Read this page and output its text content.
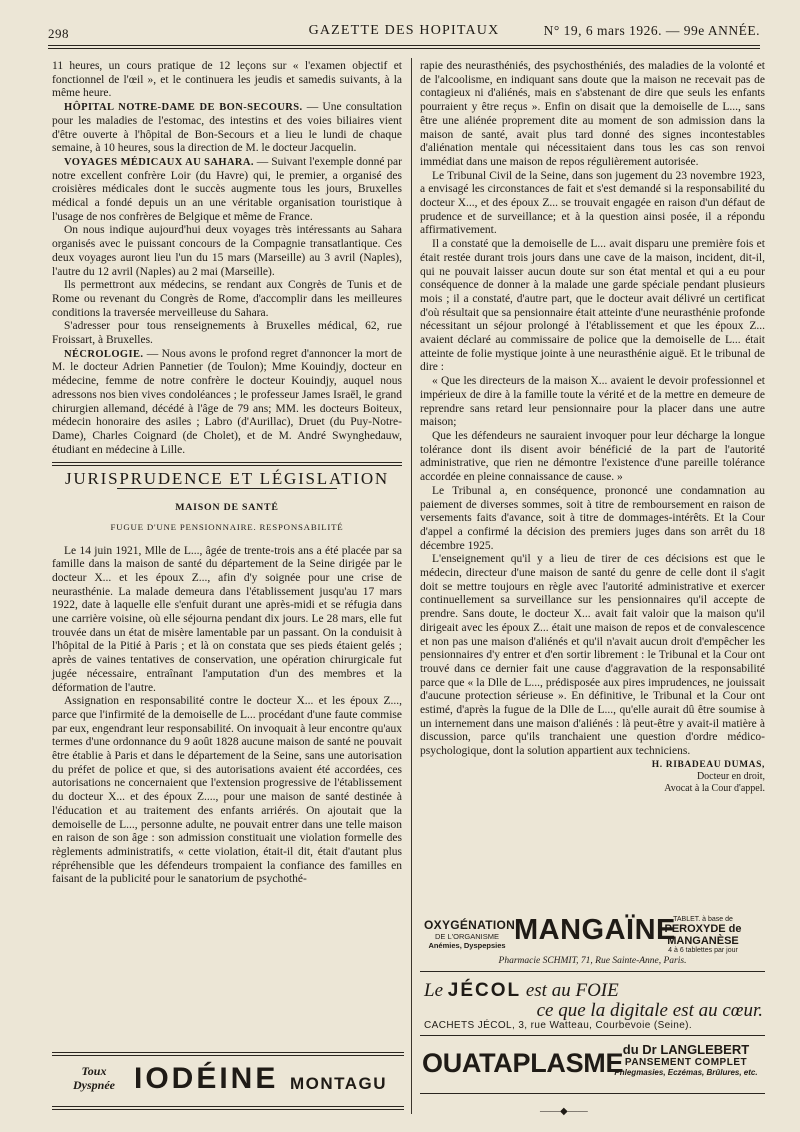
298	GAZETTE DES HOPITAUX	N° 19, 6 mars 1926. — 99e ANNÉE.

11 heures, un cours pratique de 12 leçons sur « l'examen objectif et fonctionnel de l'œil », et le continuera les jeudis et samedis suivants, à la même heure.

HÔPITAL NOTRE-DAME DE BON-SECOURS. — Une consultation pour les maladies de l'estomac, des intestins et des voies biliaires vient d'être ouverte à l'hôpital de Bon-Secours et a lieu le lundi de chaque semaine, à 10 heures, sous la direction de M. le docteur Jacquelin.

VOYAGES MÉDICAUX AU SAHARA. — Suivant l'exemple donné par notre excellent confrère Loir (du Havre) qui, le premier, a organisé des croisières médicales dont le succès augmente tous les jours, Bruxelles médical a fondé depuis un an une véritable organisation touristique à l'usage de nos confrères de Belgique et même de France.

On nous indique aujourd'hui deux voyages très intéressants au Sahara organisés avec le puissant concours de la Compagnie transatlantique. Ces deux voyages auront lieu l'un du 15 mars (Marseille) au 3 avril (Naples), l'autre du 12 avril (Naples) au 2 mai (Marseille).

Ils permettront aux médecins, se rendant aux Congrès de Tunis et de Rome ou revenant du Congrès de Rome, d'accomplir dans les meilleures conditions la traversée merveilleuse du Sahara.

S'adresser pour tous renseignements à Bruxelles médical, 62, rue Froissart, à Bruxelles.

NÉCROLOGIE. — Nous avons le profond regret d'annoncer la mort de M. le docteur Adrien Pannetier (de Toulon); Mme Kouindjy, docteur en médecine, femme de notre confrère le docteur Kouindjy, auquel nous adressons nos bien vives condoléances ; le professeur James Israël, le grand chirurgien allemand, décédé à l'âge de 79 ans; MM. les docteurs Boiteux, médecin honoraire des asiles ; Labro (d'Aurillac), Druet (du Puy-Notre-Dame), Charles Coignard (de Cholet), et de M. André Swynghedauw, étudiant en médecine à Lille.

JURISPRUDENCE ET LÉGISLATION
MAISON DE SANTÉ
FUGUE D'UNE PENSIONNAIRE. RESPONSABILITÉ

Le 14 juin 1921, Mlle de L..., âgée de trente-trois ans a été placée par sa famille dans la maison de santé du département de la Seine dirigée par le docteur X... et les époux Z..., afin d'y soignée pour une crise de neurasthénie. La malade demeura dans l'établissement jusqu'au 17 mars 1922, date à laquelle elle s'enfuit durant une après-midi et se réfugia dans une carrière voisine, où elle séjourna pendant dix jours. Le 28 mars, elle fut trouvée dans un état de misère lamentable par un passant. On la conduisit à l'hôpital de la Pitié à Paris ; et là on constata que ses pieds étaient gelés ; après de vaines tentatives de conservation, une opération chirurgicale fut jugée nécessaire, entraînant l'amputation d'un des membres et la déformation de l'autre.

Assignation en responsabilité contre le docteur X... et les époux Z..., parce que l'infirmité de la demoiselle de L... procédant d'une faute commise par eux, engendrant leur responsabilité. On invoquait à leur encontre qu'aux termes d'une ordonnance du 9 août 1828 aucune maison de santé ne pouvait être établie à Paris et dans le département de la Seine, sans une autorisation du préfet de police et que, si des autorisations avaient été accordées, ces autorisations ne concernaient que l'extension progressive de l'établissement du docteur X... et des époux Z...., pour une maison de santé destinée à l'éducation et au traitement des enfants arriérés. On ajoutait que la demoiselle de L..., personne adulte, ne pouvait entrer dans une telle maison en raison de son âge : son admission constituait une violation formelle des règlements administratifs, « cette violation, était-il dit, était d'autant plus répréhensible que les défendeurs trompaient la confiance des familles en faisant de la publicité pour le sanatorium de psychothé-

rapie des neurasthéniés, des psychosthéniés, des maladies de la volonté et de l'alcoolisme, en indiquant sans doute que la maison ne recevait pas de contagieux ni d'aliénés, mais en s'abstenant de dire que seuls les enfants pourraient y être reçus ». Enfin on disait que la demoiselle de L..., sans être une aliénée proprement dite au moment de son admission dans la maison de santé, avait plus tard donné des signes incontestables d'aliénation mentale qui nécessitaient dans tous les cas son renvoi immédiat dans une maison de repos régulièrement autorisée.

Le Tribunal Civil de la Seine, dans son jugement du 23 novembre 1923, a envisagé les circonstances de fait et s'est demandé si la responsabilité du docteur X..., et des époux Z... se trouvait engagée en raison d'un défaut de prudence et de surveillance; et à la question ainsi posée, il a répondu affirmativement.

Il a constaté que la demoiselle de L... avait disparu une première fois et était restée durant trois jours dans une cave de la maison, incident, dit-il, qui ne pouvait laisser aucun doute sur son état mental et qui a eu pour conséquence de donner à la malade une garde spéciale pendant plusieurs mois ; il a constaté, d'autre part, que le docteur avait délivré un certificat d'où résultait que sa pensionnaire était atteinte d'une neurasthénie profonde nécessitant un séjour prolongé à l'établissement et que les époux Z... avaient déclaré au commissaire de police que la demoiselle de L... était atteinte de folie mystique jointe à une neurasthénie aiguë. Et le tribunal de dire :

« Que les directeurs de la maison X... avaient le devoir professionnel et impérieux de dire à la famille toute la vérité et de la mettre en demeure de reprendre sans retard leur pensionnaire pour la placer dans une autre maison;

Que les défendeurs ne sauraient invoquer pour leur décharge la longue tolérance dont ils disent avoir bénéficié de la part de l'autorité administrative, que rien ne démontre l'existence d'une pareille tolérance accordée en pleine connaissance de cause. »

Le Tribunal a, en conséquence, prononcé une condamnation au paiement de diverses sommes, soit à titre de remboursement en raison de versements faits d'avance, soit à titre de dommages-intérêts. Et la Cour d'appel a confirmé la décision des premiers juges dans son arrêt du 18 décembre 1925.

L'enseignement qu'il y a lieu de tirer de ces décisions est que le médecin, directeur d'une maison de santé du genre de celle dont il s'agit doit se mettre toujours en règle avec l'autorité administrative et exercer continuellement sa surveillance sur les pensionnaires qu'il accepte de prendre. Sans doute, le docteur X... avait fait valoir que la maison qu'il dirigeait avec les époux Z... était une maison de repos et de convalescence et non pas une maison d'aliénés et qu'il n'avait aucun droit d'empêcher les pensionnaires d'y entrer et d'en sortir librement : le Tribunal et la Cour ont trouvé dans ce dernier fait une cause d'aggravation de la responsabilité parce que « la Dlle de L..., prédisposée aux pires imprudences, ne jouissait d'aucune protection sérieuse ». En définitive, le Tribunal et la Cour ont estimé, d'après la fugue de la Dlle de L..., qu'elle aurait dû être soumise à un internement dans une maison d'aliénés : là peut-être y avait-il matière à discussion, parce qu'ils tranchaient une question d'ordre médico-psychologique, dont la solution appartient aux techniciens.

H. RIBADEAU DUMAS,
Docteur en droit,
Avocat à la Cour d'appel.
OXYGÉNATION
DE L'ORGANISME
Anémies, Dyspepsies MANGAÏNE
TABLET. à base de
PEROXYDE de MANGANÈSE
4 à 6 tablettes par jour
Pharmacie SCHMIT, 71, Rue Sainte-Anne, Paris.
Le JÉCOL est au FOIE
ce que la digitale est au cœur.
CACHETS JÉCOL, 3, rue Watteau, Courbevoie (Seine).
OUATAPLASME du Dr LANGLEBERT
PANSEMENT COMPLET
Phlegmasies, Eczémas, Brûlures, etc.
Toux
Dyspnée IODÉINE MONTAGU
——◆——
